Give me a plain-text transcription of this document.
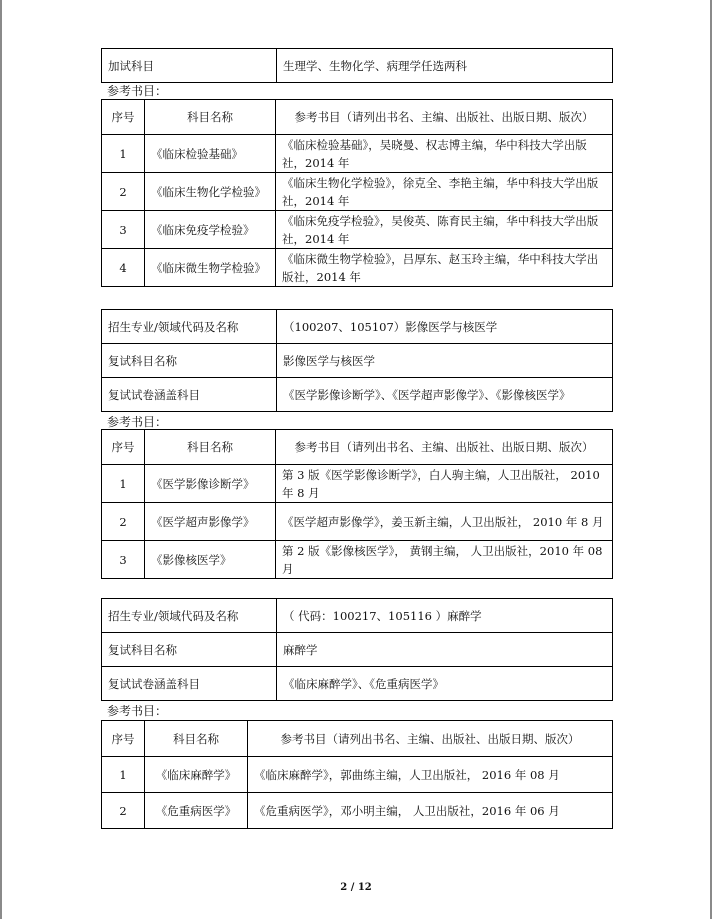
加试科目	生理学、生物化学、病理学任选两科
参考书目：
序号	科目名称	参考书目（请列出书名、主编、出版社、出版日期、版次）
1	《临床检验基础》	《临床检验基础》，吴晓曼、权志博主编，华中科技大学出版社，2014 年
2	《临床生物化学检验》	《临床生物化学检验》，徐克全、李艳主编，华中科技大学出版社，2014 年
3	《临床免疫学检验》	《临床免疫学检验》，吴俊英、陈育民主编，华中科技大学出版社，2014 年
4	《临床微生物学检验》	《临床微生物学检验》，吕厚东、赵玉玲主编，华中科技大学出版社，2014 年
招生专业/领域代码及名称	（100207、105107）影像医学与核医学
复试科目名称	影像医学与核医学
复试试卷涵盖科目	《医学影像诊断学》、《医学超声影像学》、《影像核医学》
参考书目：
序号	科目名称	参考书目（请列出书名、主编、出版社、出版日期、版次）
1	《医学影像诊断学》	第 3 版《医学影像诊断学》，白人驹主编，人卫出版社， 2010 年 8 月
2	《医学超声影像学》	《医学超声影像学》，姜玉新主编，人卫出版社， 2010 年 8 月
3	《影像核医学》	第 2 版《影像核医学》， 黄钢主编， 人卫出版社，2010 年 08 月
招生专业/领域代码及名称	（ 代码：100217、105116 ）麻醉学
复试科目名称	麻醉学
复试试卷涵盖科目	《临床麻醉学》、《危重病医学》
参考书目：
序号	科目名称	参考书目（请列出书名、主编、出版社、出版日期、版次）
1	《临床麻醉学》	《临床麻醉学》，郭曲练主编，人卫出版社， 2016 年 08 月
2	《危重病医学》	《危重病医学》，邓小明主编， 人卫出版社，2016 年 06 月
2 / 12
